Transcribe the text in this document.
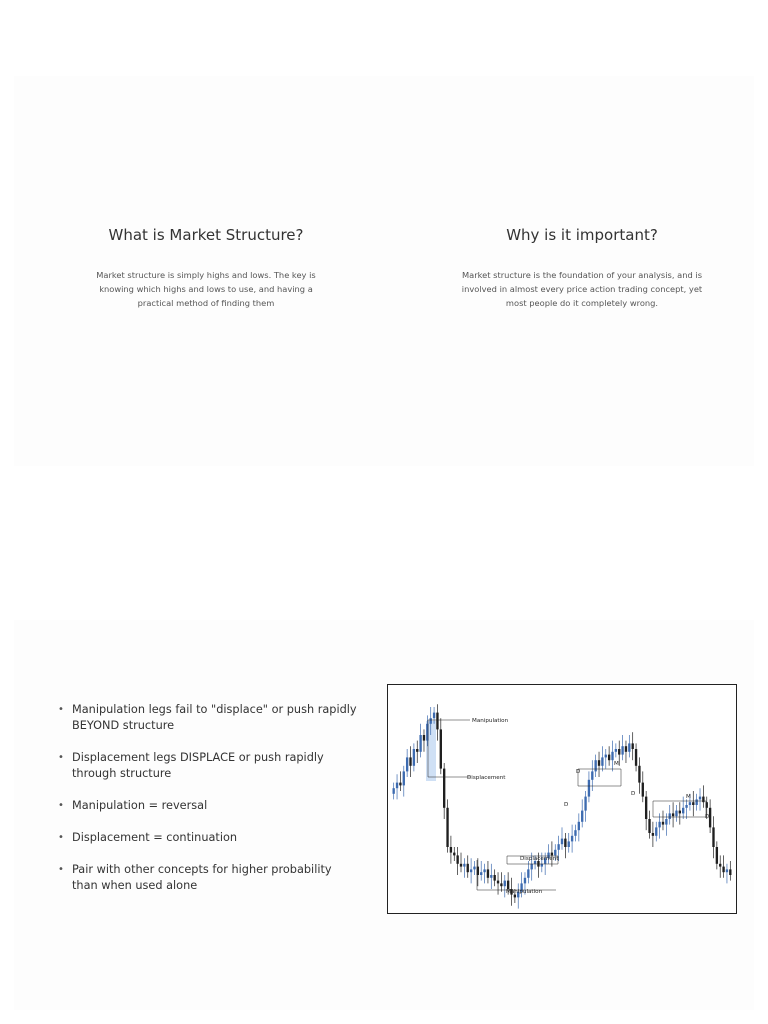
What is Market Structure?
Market structure is simply highs and lows. The key is knowing which highs and lows to use, and having a practical method of finding them
Why is it important?
Market structure is the foundation of your analysis, and is involved in almost every price action trading concept, yet most people do it completely wrong.
• Manipulation legs fail to "displace" or push rapidly BEYOND structure
• Displacement legs DISPLACE or push rapidly through structure
• Manipulation = reversal
• Displacement = continuation
• Pair with other concepts for higher probability than when used alone
Manipulation
Displacement
Displacement
Manipulation
D
D
D
D
M
M
